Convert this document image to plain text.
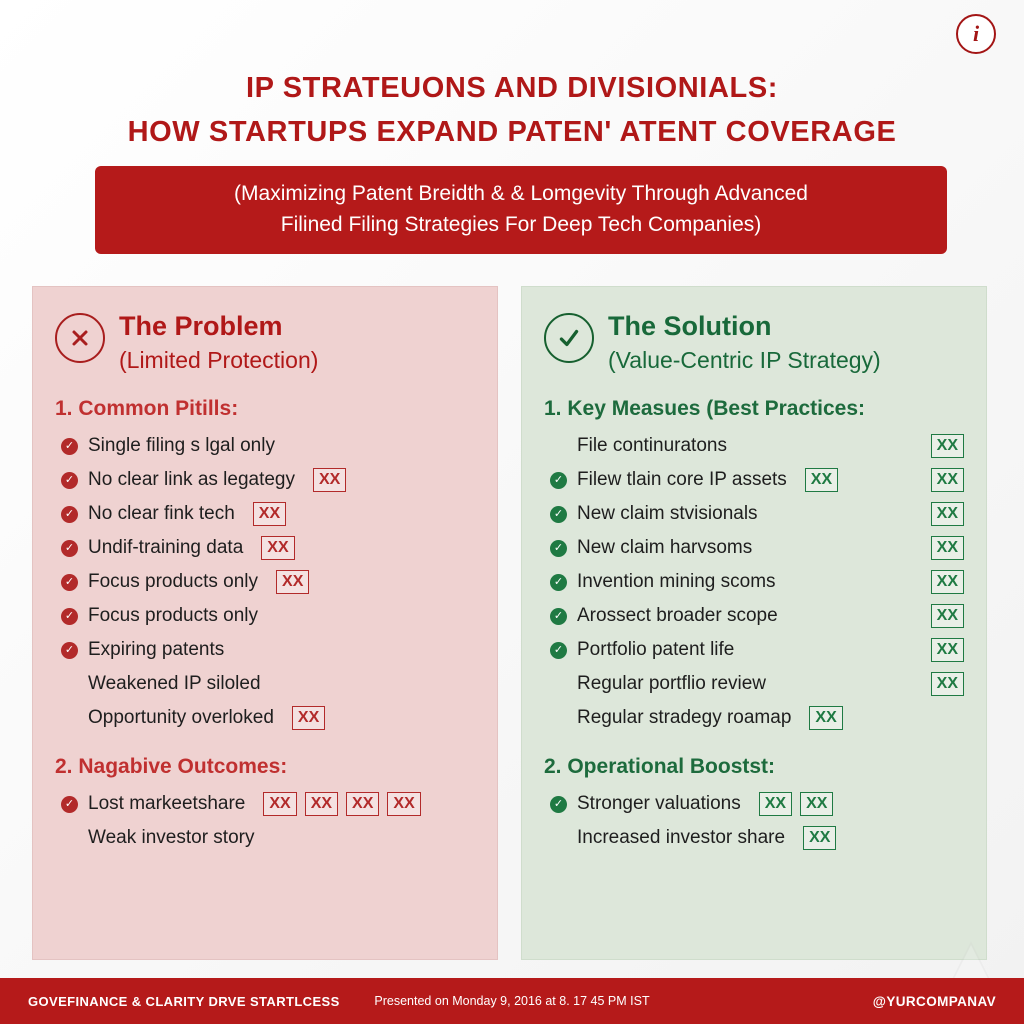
i
IP STRATEUONS AND DIVISIONIALS:
HOW STARTUPS EXPAND PATEN' ATENT COVERAGE
(Maximizing Patent Breidth & & Lomgevity Through Advanced
Filined Filing Strategies For Deep Tech Companies)
The Problem
(Limited Protection)
1. Common Pitills:
✓ Single filing s lgal only
✓ No clear link as legategy	XX
✓ No clear fink tech	XX
✓ Undif-training data	XX
✓ Focus products only	XX
✓ Focus products only
✓ Expiring patents
Weakened IP siloled
Opportunity overloked	XX
2. Nagabive Outcomes:
✓ Lost markeetshare	XX	XX	XX	XX
Weak investor story
The Solution
(Value-Centric IP Strategy)
1. Key Measues (Best Practices:
File continuratons	XX
✓ Filew tlain core IP assets	XX	XX
✓ New claim stvisionals	XX
✓ New claim harvsoms	XX
✓ Invention mining scoms	XX
✓ Arossect broader scope	XX
✓ Portfolio patent life	XX
Regular portflio review	XX
Regular stradegy roamap	XX
2. Operational Boostst:
✓ Stronger valuations	XX	XX
Increased investor share	XX
GOVEFINANCE & CLARITY DRVE STARTLCESS	Presented on Monday 9, 2016 at 8. 17 45 PM IST	@YURCOMPANAV
